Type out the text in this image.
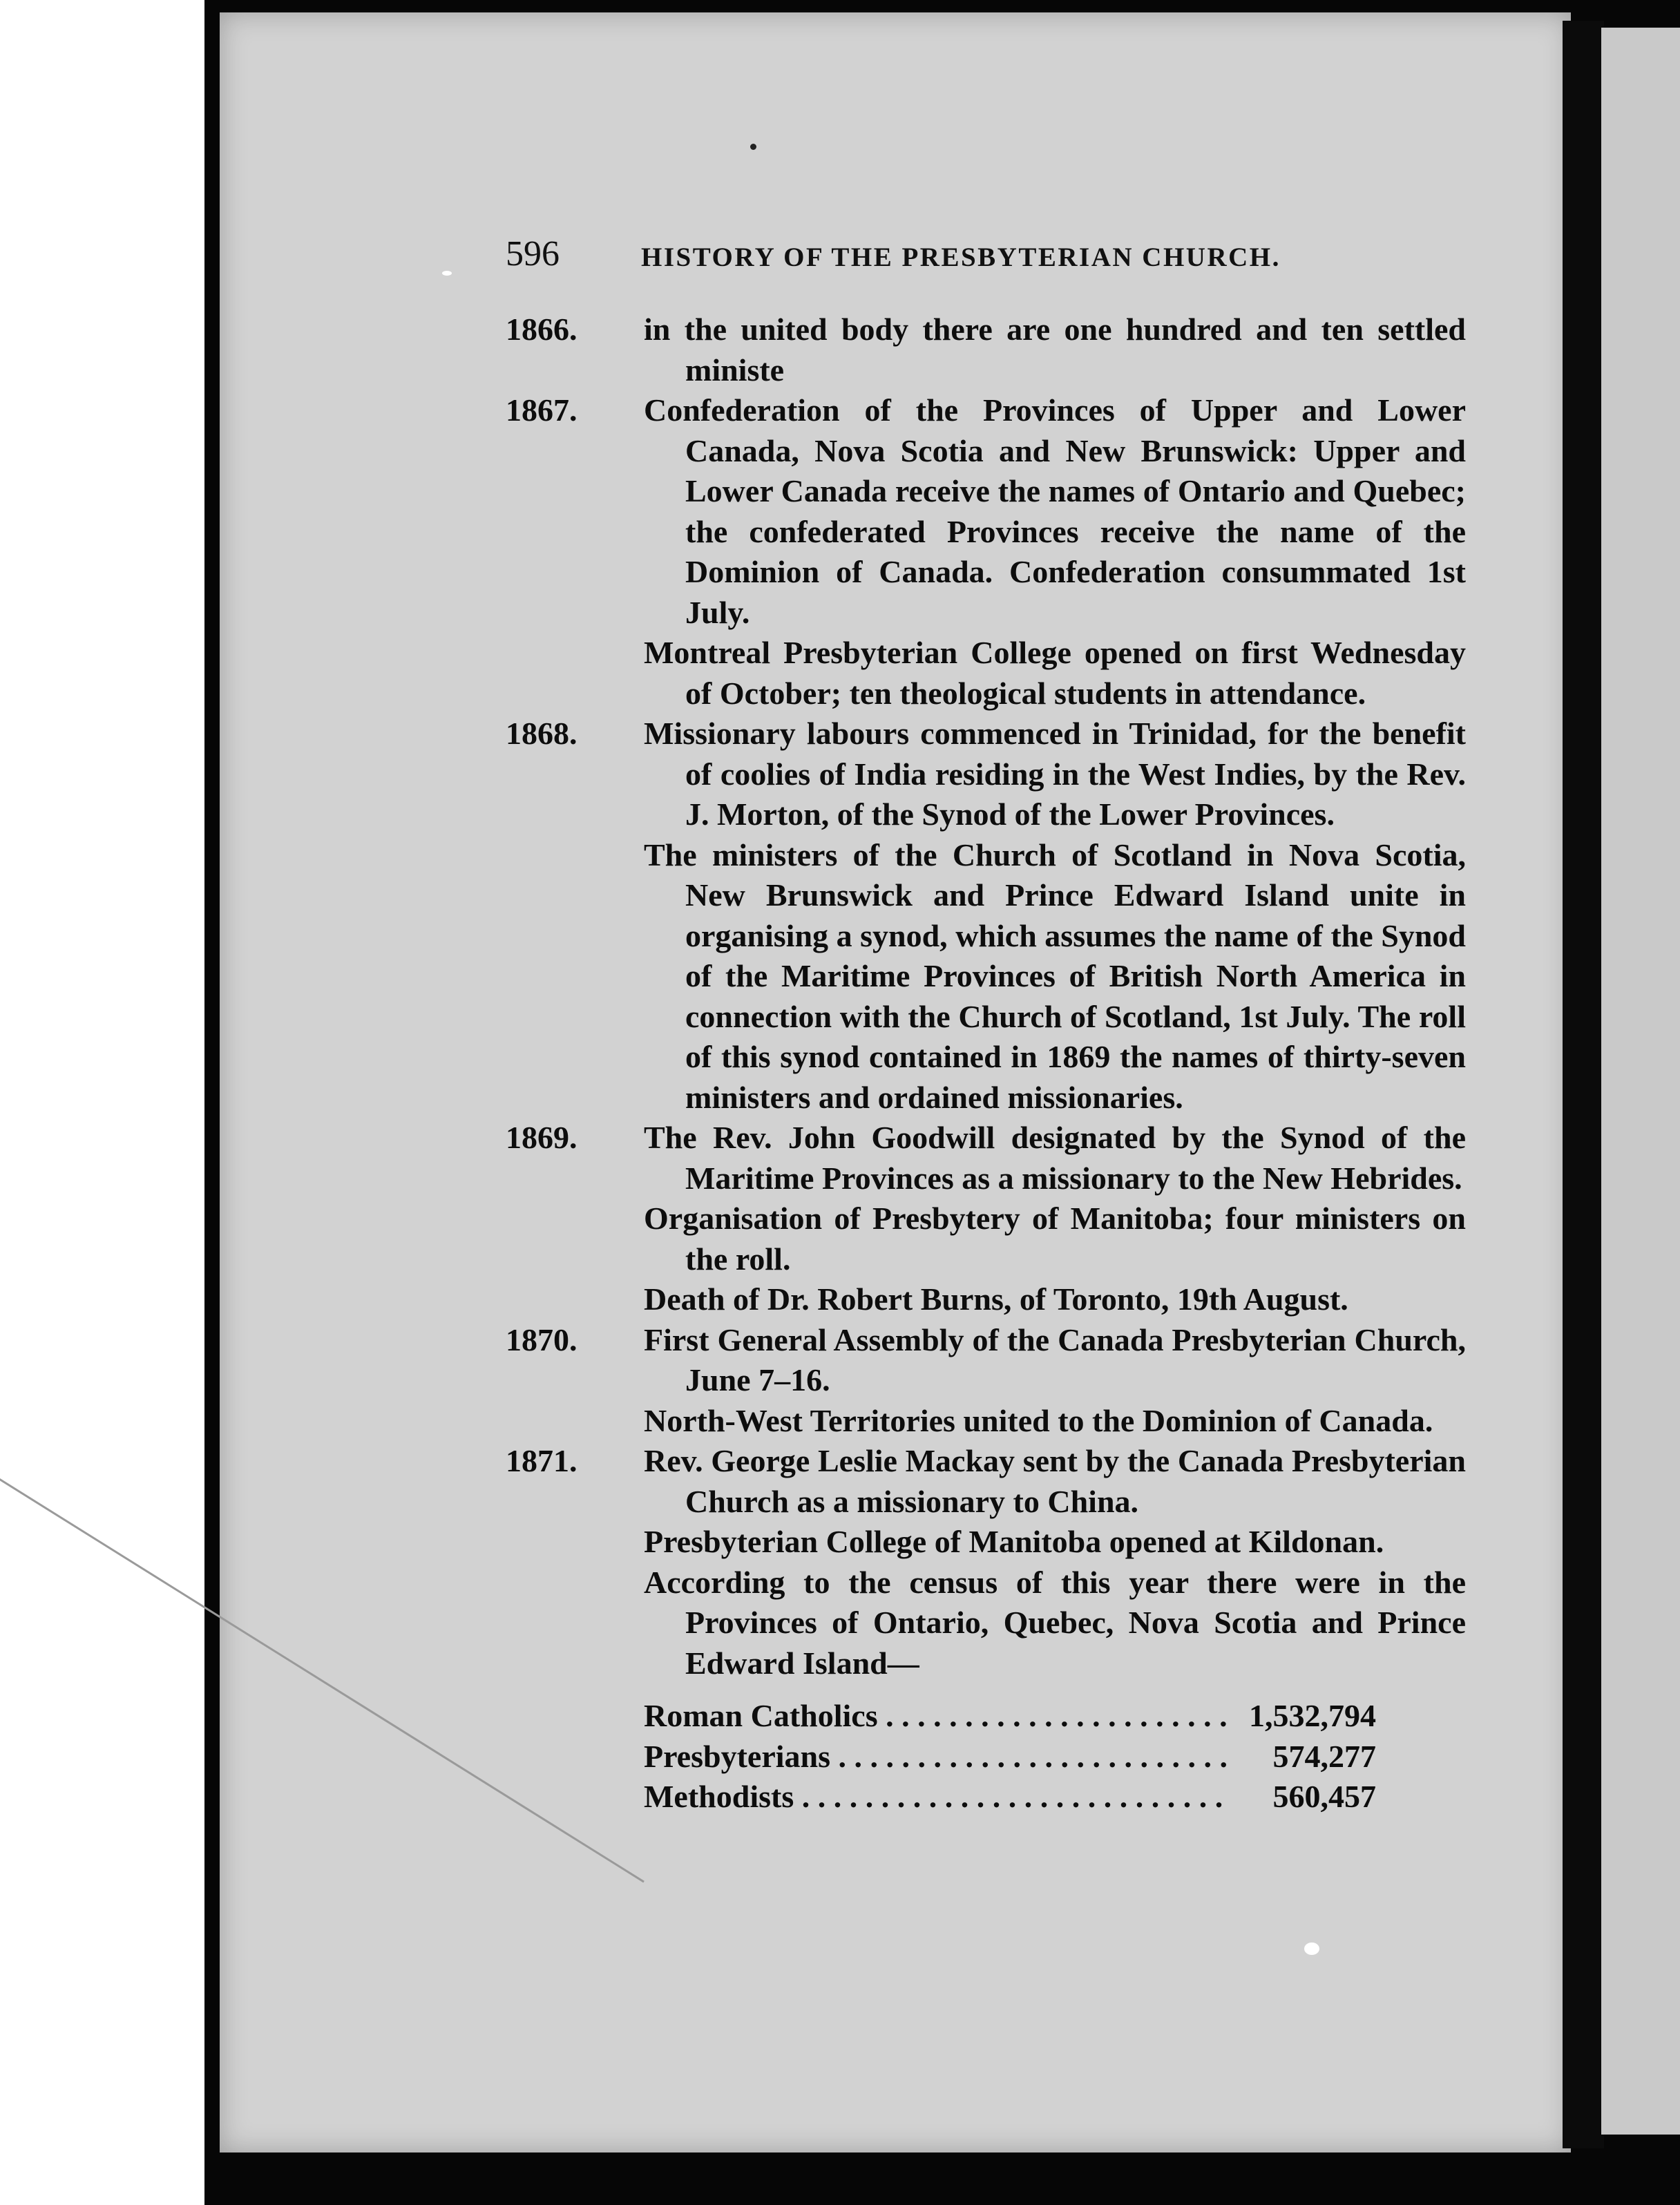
596	HISTORY OF THE PRESBYTERIAN CHURCH.
1866.	in the united body there are one hundred and ten settled ministe
1867.	Confederation of the Provinces of Upper and Lower Canada, Nova Scotia and New Brunswick: Upper and Lower Canada receive the names of Ontario and Quebec; the confederated Provinces receive the name of the Dominion of Canada. Confederation consummated 1st July.
Montreal Presbyterian College opened on first Wednesday of October; ten theological students in attendance.
1868.	Missionary labours commenced in Trinidad, for the benefit of coolies of India residing in the West Indies, by the Rev. J. Morton, of the Synod of the Lower Provinces.
The ministers of the Church of Scotland in Nova Scotia, New Brunswick and Prince Edward Island unite in organising a synod, which assumes the name of the Synod of the Maritime Provinces of British North America in connection with the Church of Scotland, 1st July. The roll of this synod contained in 1869 the names of thirty-seven ministers and ordained missionaries.
1869.	The Rev. John Goodwill designated by the Synod of the Maritime Provinces as a missionary to the New Hebrides.
Organisation of Presbytery of Manitoba; four ministers on the roll.
Death of Dr. Robert Burns, of Toronto, 19th August.
1870.	First General Assembly of the Canada Presbyterian Church, June 7–16.
North-West Territories united to the Dominion of Canada.
1871.	Rev. George Leslie Mackay sent by the Canada Presbyterian Church as a missionary to China.
Presbyterian College of Manitoba opened at Kildonan.
According to the census of this year there were in the Provinces of Ontario, Quebec, Nova Scotia and Prince Edward Island—
Roman Catholics . . .	1,532,794
Presbyterians . . .	574,277
Methodists . . .	560,457
